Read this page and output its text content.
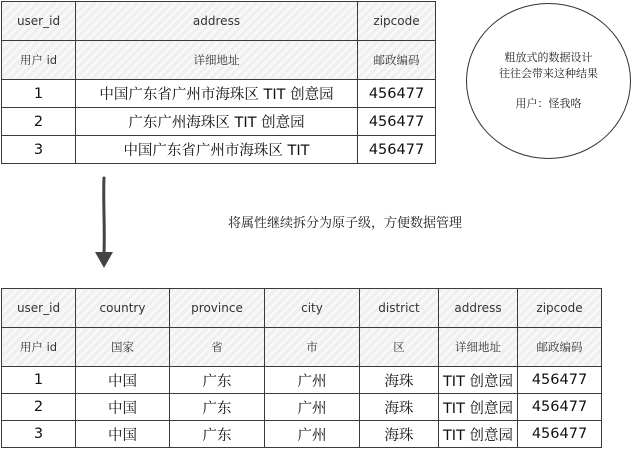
user_id	address	zipcode
用户 id	详细地址	邮政编码
1	中国广东省广州市海珠区 TIT 创意园	456477
2	广东广州海珠区 TIT 创意园	456477
3	中国广东省广州市海珠区 TIT	456477
粗放式的数据设计
往往会带来这种结果
用户：怪我咯
将属性继续拆分为原子级，方便数据管理
user_id	country	province	city	district	address	zipcode
用户 id	国家	省	市	区	详细地址	邮政编码
1	中国	广东	广州	海珠	TIT 创意园	456477
2	中国	广东	广州	海珠	TIT 创意园	456477
3	中国	广东	广州	海珠	TIT 创意园	456477
